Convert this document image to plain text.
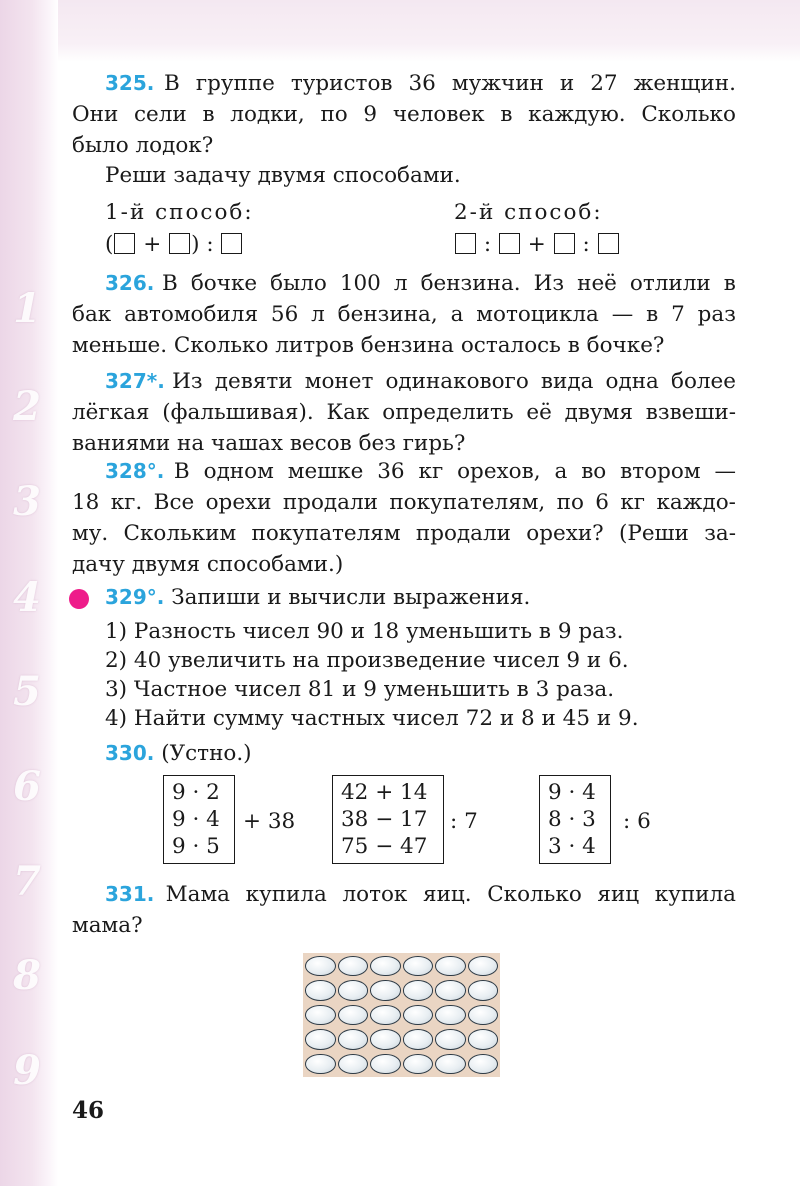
1
2
3
4
5
6
7
8
9
325. В группе туристов 36 мужчин и 27 женщин.
Они сели в лодки, по 9 человек в каждую. Сколько
было лодок?
Реши задачу двумя способами.
1-й способ:	2-й способ:
( + ) :	: + :
326. В бочке было 100 л бензина. Из неё отлили в
бак автомобиля 56 л бензина, а мотоцикла — в 7 раз
меньше. Сколько литров бензина осталось в бочке?
327*. Из девяти монет одинакового вида одна более
лёгкая (фальшивая). Как определить её двумя взвеши-
ваниями на чашах весов без гирь?
328°. В одном мешке 36 кг орехов, а во втором —
18 кг. Все орехи продали покупателям, по 6 кг каждо-
му. Скольким покупателям продали орехи? (Реши за-
дачу двумя способами.)
329°. Запиши и вычисли выражения.
1) Разность чисел 90 и 18 уменьшить в 9 раз.
2) 40 увеличить на произведение чисел 9 и 6.
3) Частное чисел 81 и 9 уменьшить в 3 раза.
4) Найти сумму частных чисел 72 и 8 и 45 и 9.
330. (Устно.)
9 · 2
9 · 4
9 · 5
+ 38
42 + 14
38 − 17
75 − 47
: 7
9 · 4
8 · 3
3 · 4
: 6
331. Мама купила лоток яиц. Сколько яиц купила
мама?
46
